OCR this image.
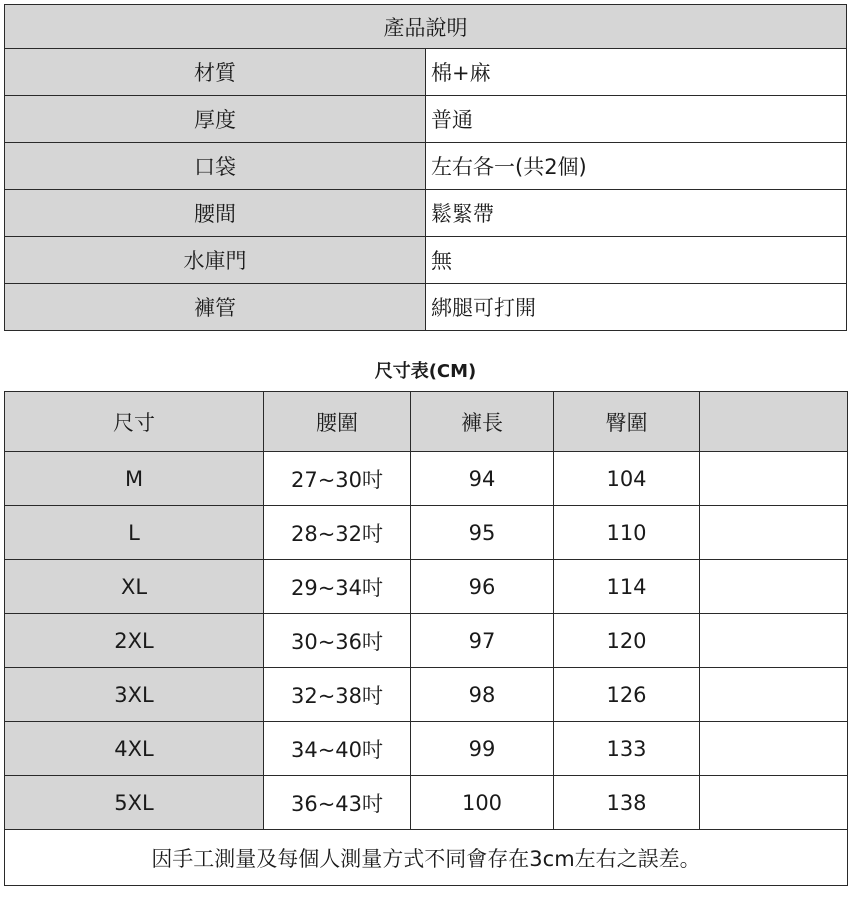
產品說明	
材質	棉+麻
厚度	普通
口袋	左右各一(共2個)
腰間	鬆緊帶
水庫門	無
褲管	綁腿可打開
尺寸表(CM)
尺寸	腰圍	褲長	臀圍	
M	27~30吋	94	104	
L	28~32吋	95	110	
XL	29~34吋	96	114	
2XL	30~36吋	97	120	
3XL	32~38吋	98	126	
4XL	34~40吋	99	133	
5XL	36~43吋	100	138	
因手工測量及每個人測量方式不同會存在3cm左右之誤差。				
